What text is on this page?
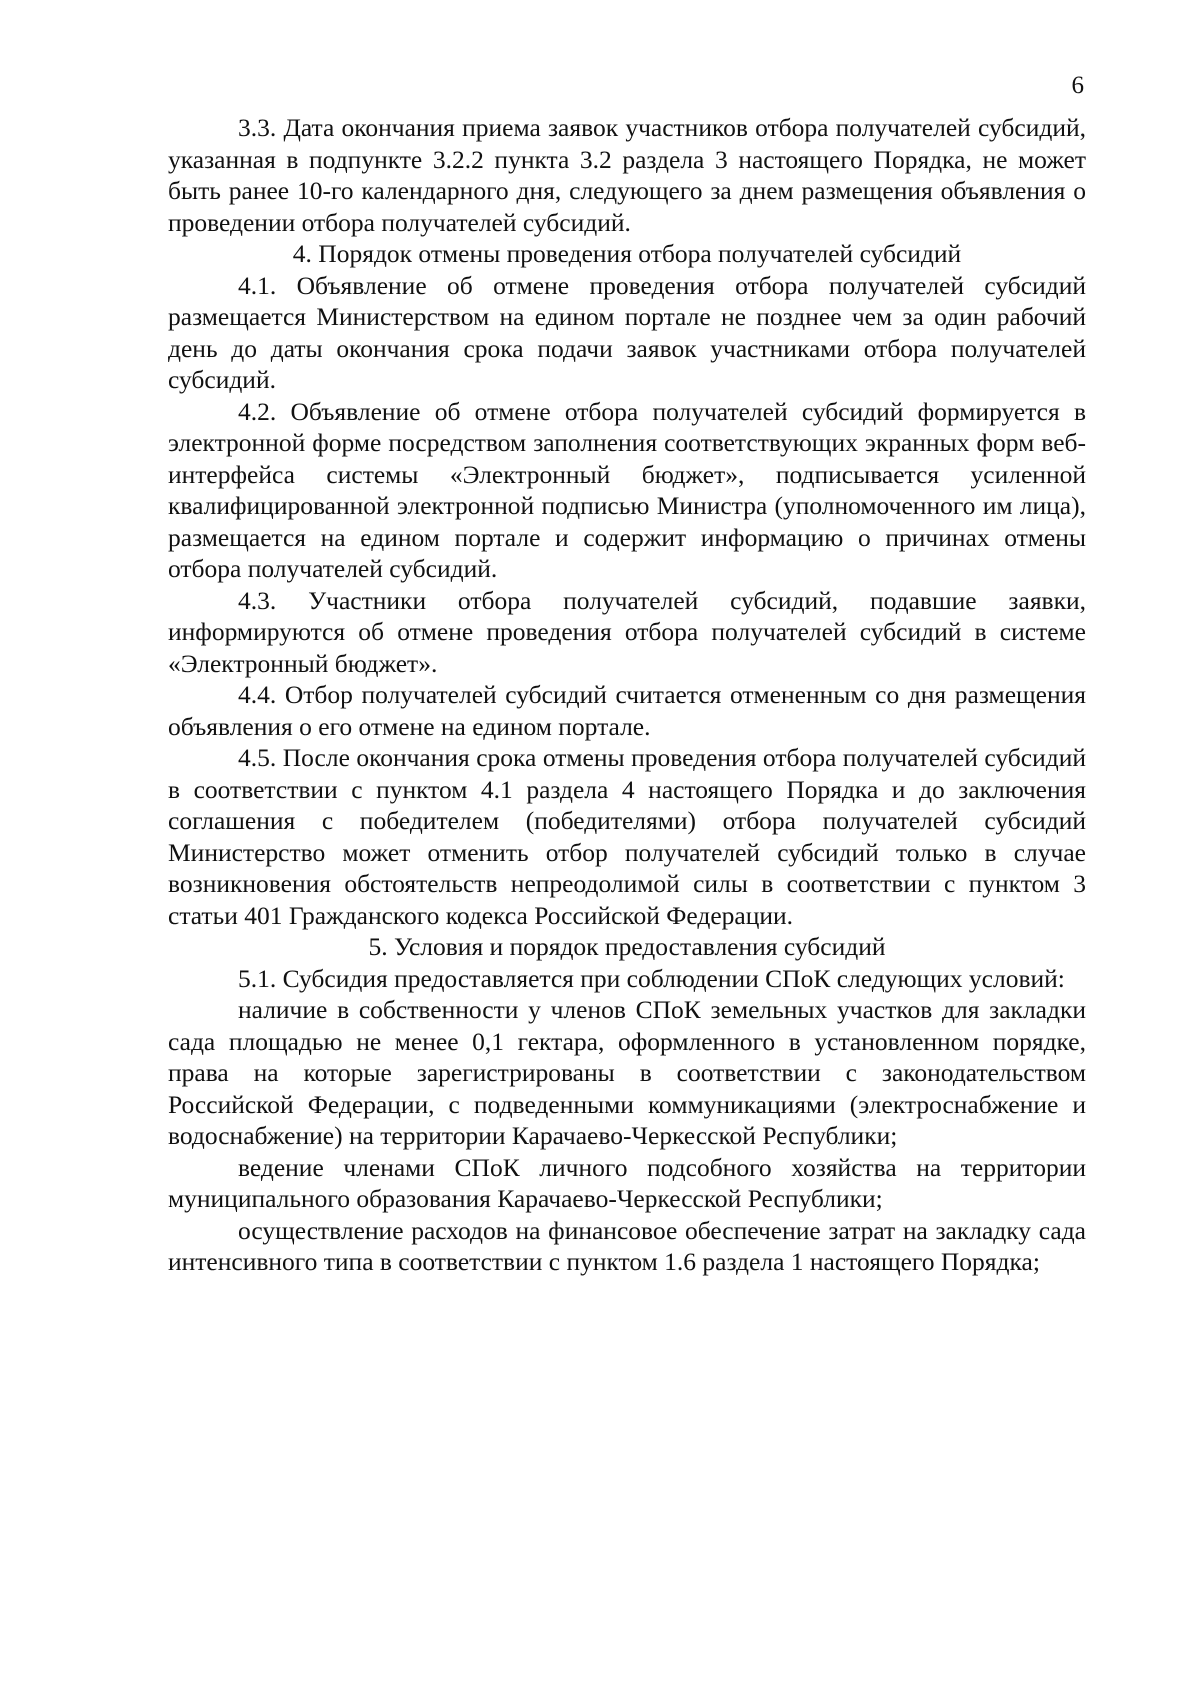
6

3.3. Дата окончания приема заявок участников отбора получателей субсидий, указанная в подпункте 3.2.2 пункта 3.2 раздела 3 настоящего Порядка, не может быть ранее 10-го календарного дня, следующего за днем размещения объявления о проведении отбора получателей субсидий.

4. Порядок отмены проведения отбора получателей субсидий

4.1. Объявление об отмене проведения отбора получателей субсидий размещается Министерством на едином портале не позднее чем за один рабочий день до даты окончания срока подачи заявок участниками отбора получателей субсидий.

4.2. Объявление об отмене отбора получателей субсидий формируется в электронной форме посредством заполнения соответствующих экранных форм веб-интерфейса системы «Электронный бюджет», подписывается усиленной квалифицированной электронной подписью Министра (уполномоченного им лица), размещается на едином портале и содержит информацию о причинах отмены отбора получателей субсидий.

4.3. Участники отбора получателей субсидий, подавшие заявки, информируются об отмене проведения отбора получателей субсидий в системе «Электронный бюджет».

4.4. Отбор получателей субсидий считается отмененным со дня размещения объявления о его отмене на едином портале.

4.5. После окончания срока отмены проведения отбора получателей субсидий в соответствии с пунктом 4.1 раздела 4 настоящего Порядка и до заключения соглашения с победителем (победителями) отбора получателей субсидий Министерство может отменить отбор получателей субсидий только в случае возникновения обстоятельств непреодолимой силы в соответствии с пунктом 3 статьи 401 Гражданского кодекса Российской Федерации.

5. Условия и порядок предоставления субсидий

5.1. Субсидия предоставляется при соблюдении СПоК следующих условий:

наличие в собственности у членов СПоК земельных участков для закладки сада площадью не менее 0,1 гектара, оформленного в установленном порядке, права на которые зарегистрированы в соответствии с законодательством Российской Федерации, с подведенными коммуникациями (электроснабжение и водоснабжение) на территории Карачаево-Черкесской Республики;

ведение членами СПоК личного подсобного хозяйства на территории муниципального образования Карачаево-Черкесской Республики;

осуществление расходов на финансовое обеспечение затрат на закладку сада интенсивного типа в соответствии с пунктом 1.6 раздела 1 настоящего Порядка;
